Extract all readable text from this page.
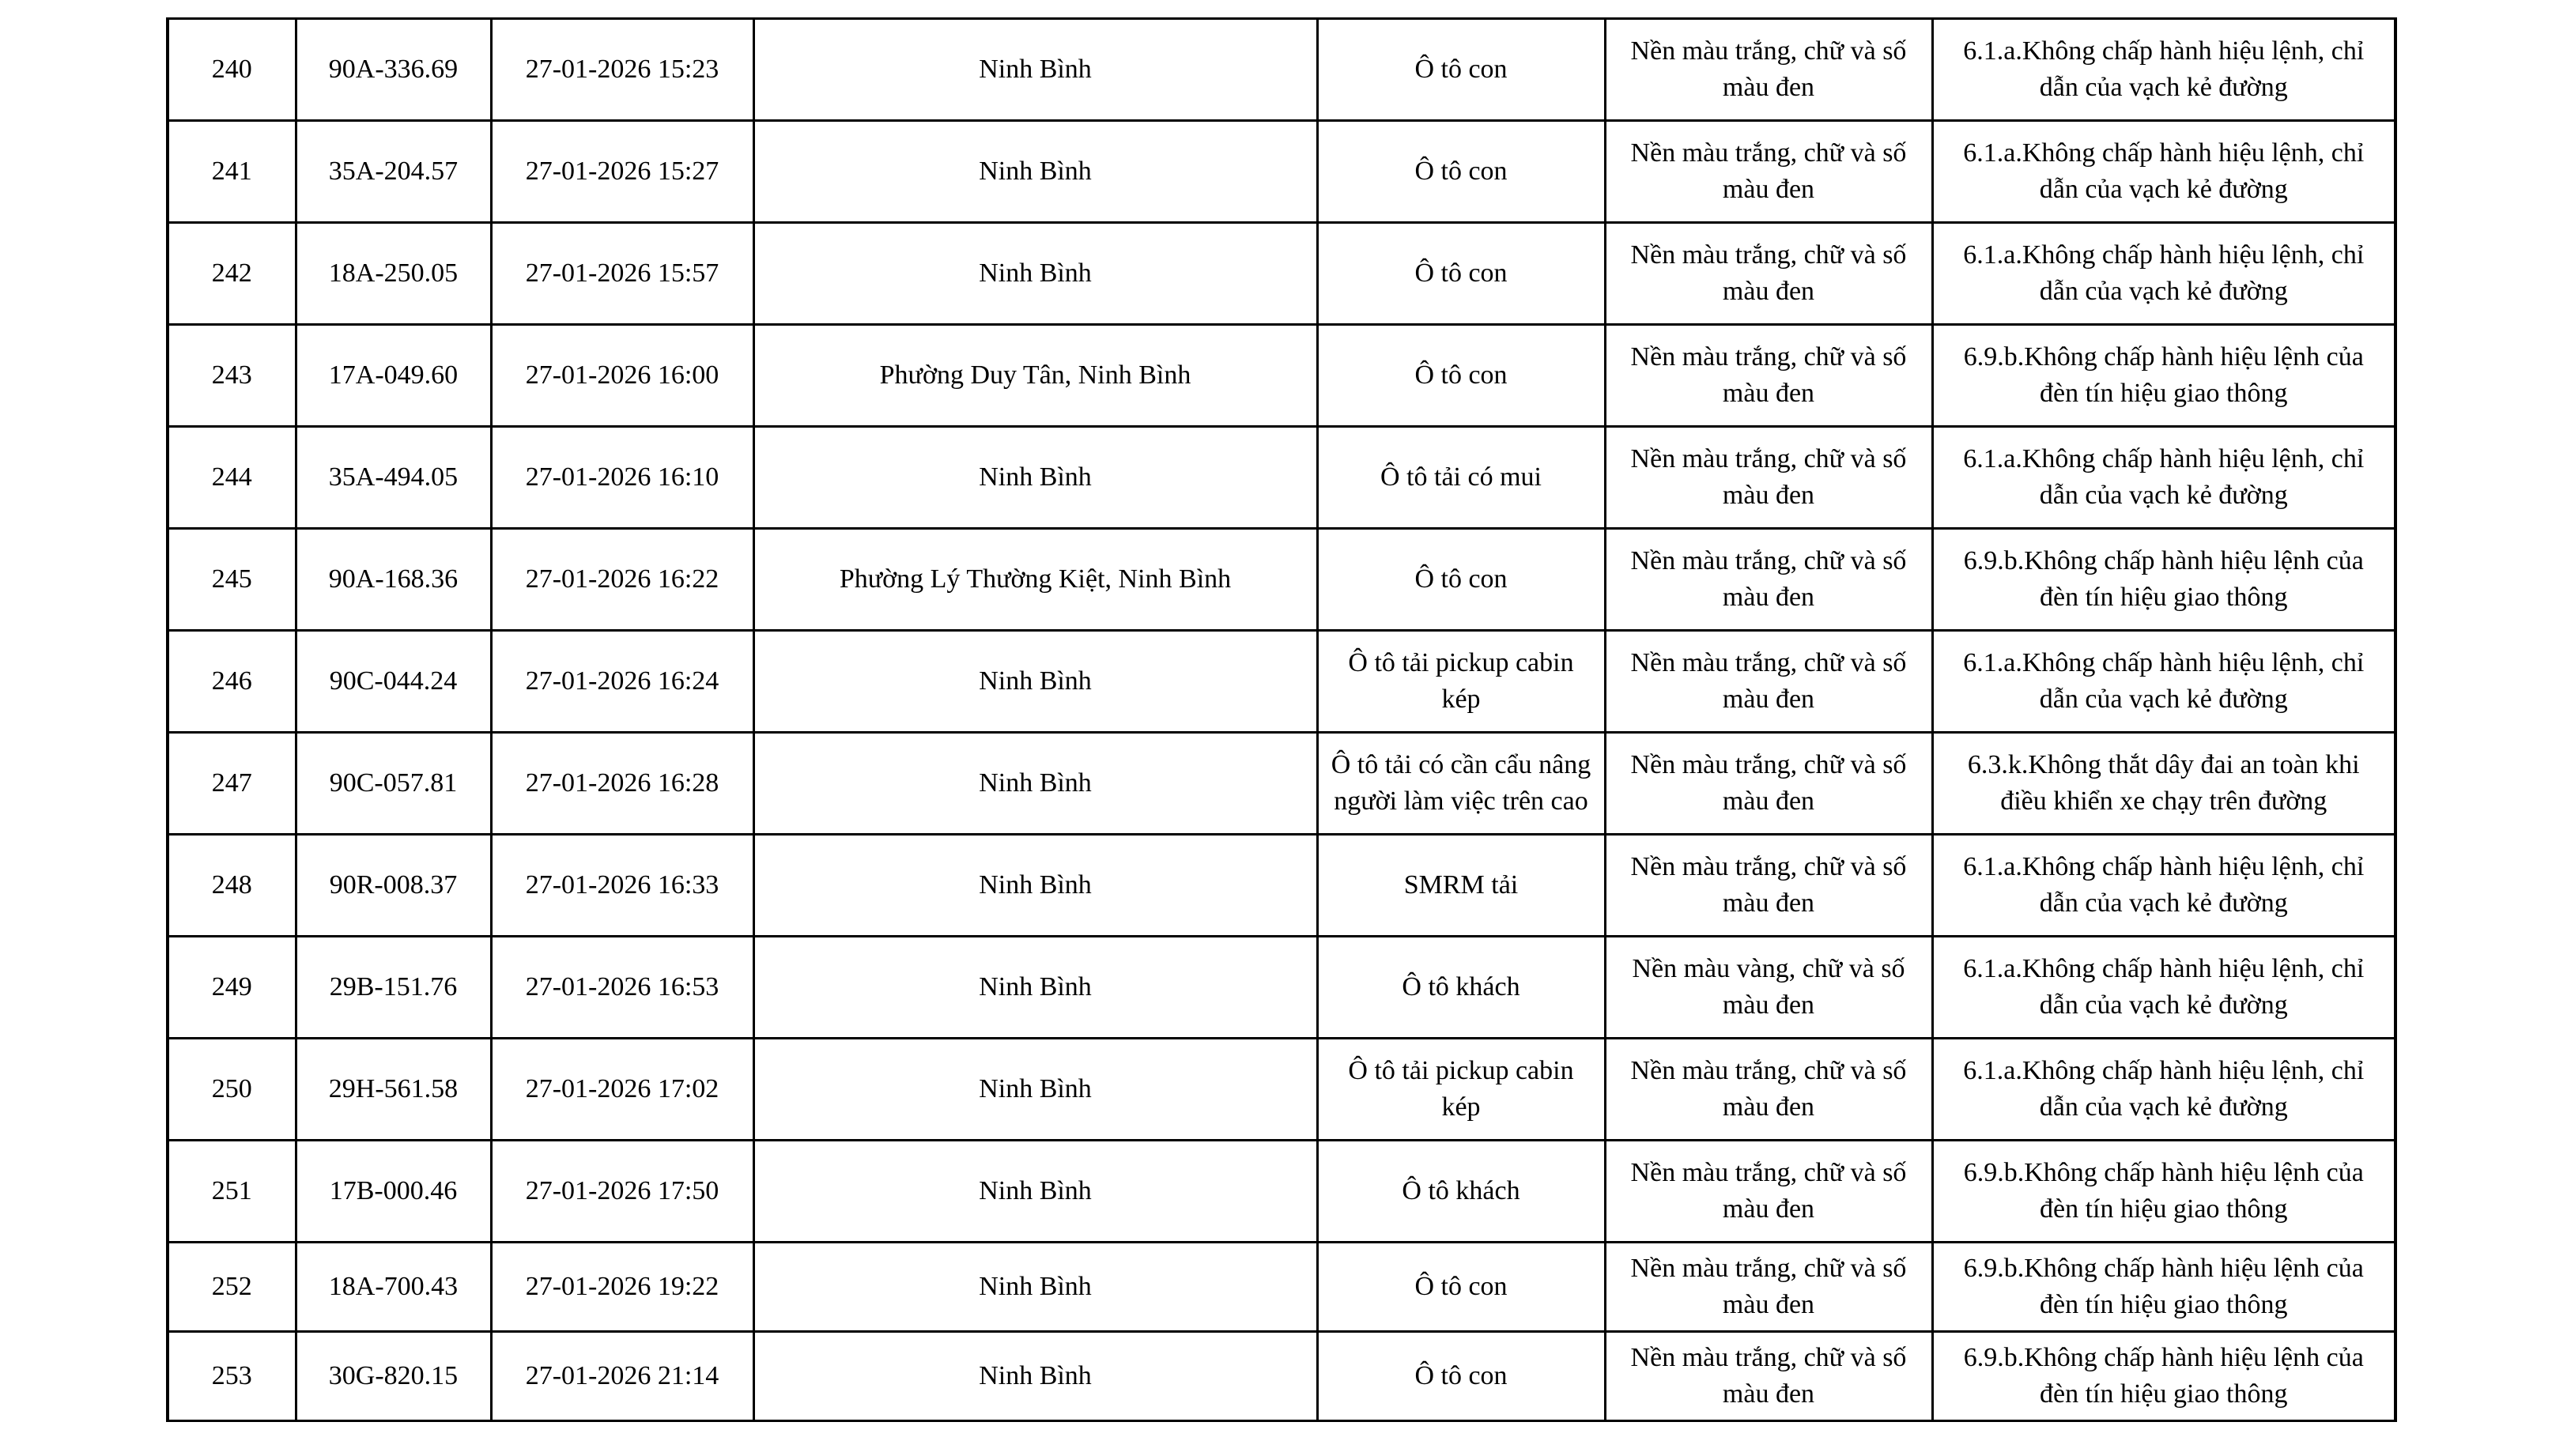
240	90A-336.69	27-01-2026 15:23	Ninh Bình	Ô tô con	Nền màu trắng, chữ và số màu đen	6.1.a.Không chấp hành hiệu lệnh, chỉ dẫn của vạch kẻ đường
241	35A-204.57	27-01-2026 15:27	Ninh Bình	Ô tô con	Nền màu trắng, chữ và số màu đen	6.1.a.Không chấp hành hiệu lệnh, chỉ dẫn của vạch kẻ đường
242	18A-250.05	27-01-2026 15:57	Ninh Bình	Ô tô con	Nền màu trắng, chữ và số màu đen	6.1.a.Không chấp hành hiệu lệnh, chỉ dẫn của vạch kẻ đường
243	17A-049.60	27-01-2026 16:00	Phường Duy Tân, Ninh Bình	Ô tô con	Nền màu trắng, chữ và số màu đen	6.9.b.Không chấp hành hiệu lệnh của đèn tín hiệu giao thông
244	35A-494.05	27-01-2026 16:10	Ninh Bình	Ô tô tải có mui	Nền màu trắng, chữ và số màu đen	6.1.a.Không chấp hành hiệu lệnh, chỉ dẫn của vạch kẻ đường
245	90A-168.36	27-01-2026 16:22	Phường Lý Thường Kiệt, Ninh Bình	Ô tô con	Nền màu trắng, chữ và số màu đen	6.9.b.Không chấp hành hiệu lệnh của đèn tín hiệu giao thông
246	90C-044.24	27-01-2026 16:24	Ninh Bình	Ô tô tải pickup cabin kép	Nền màu trắng, chữ và số màu đen	6.1.a.Không chấp hành hiệu lệnh, chỉ dẫn của vạch kẻ đường
247	90C-057.81	27-01-2026 16:28	Ninh Bình	Ô tô tải có cần cẩu nâng người làm việc trên cao	Nền màu trắng, chữ và số màu đen	6.3.k.Không thắt dây đai an toàn khi điều khiển xe chạy trên đường
248	90R-008.37	27-01-2026 16:33	Ninh Bình	SMRM tải	Nền màu trắng, chữ và số màu đen	6.1.a.Không chấp hành hiệu lệnh, chỉ dẫn của vạch kẻ đường
249	29B-151.76	27-01-2026 16:53	Ninh Bình	Ô tô khách	Nền màu vàng, chữ và số màu đen	6.1.a.Không chấp hành hiệu lệnh, chỉ dẫn của vạch kẻ đường
250	29H-561.58	27-01-2026 17:02	Ninh Bình	Ô tô tải pickup cabin kép	Nền màu trắng, chữ và số màu đen	6.1.a.Không chấp hành hiệu lệnh, chỉ dẫn của vạch kẻ đường
251	17B-000.46	27-01-2026 17:50	Ninh Bình	Ô tô khách	Nền màu trắng, chữ và số màu đen	6.9.b.Không chấp hành hiệu lệnh của đèn tín hiệu giao thông
252	18A-700.43	27-01-2026 19:22	Ninh Bình	Ô tô con	Nền màu trắng, chữ và số màu đen	6.9.b.Không chấp hành hiệu lệnh của đèn tín hiệu giao thông
253	30G-820.15	27-01-2026 21:14	Ninh Bình	Ô tô con	Nền màu trắng, chữ và số màu đen	6.9.b.Không chấp hành hiệu lệnh của đèn tín hiệu giao thông
